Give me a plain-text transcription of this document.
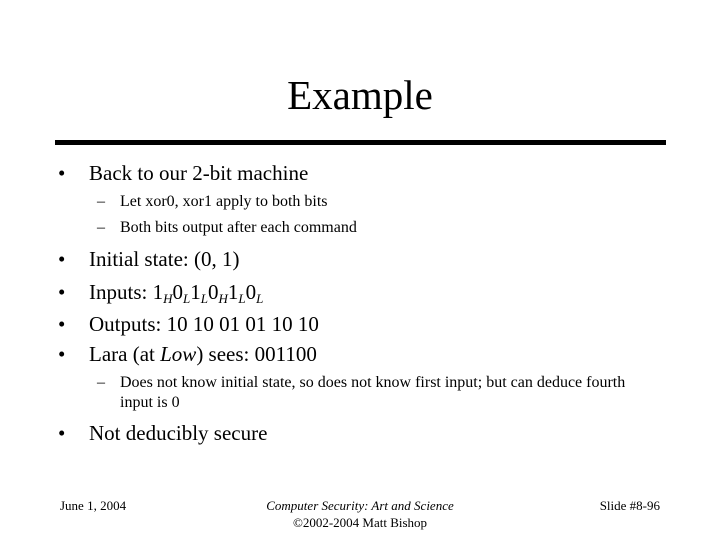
Example
• Back to our 2-bit machine
– Let xor0, xor1 apply to both bits
– Both bits output after each command
• Initial state: (0, 1)
• Inputs: $1_H0_L1_L0_H1_L0_L$
• Outputs: 10 10 01 01 10 10
• Lara (at Low) sees: 001100
– Does not know initial state, so does not know first input; but can deduce fourth input is 0
• Not deducibly secure
June 1, 2004	Computer Security: Art and Science
©2002-2004 Matt Bishop
Slide #8-96
